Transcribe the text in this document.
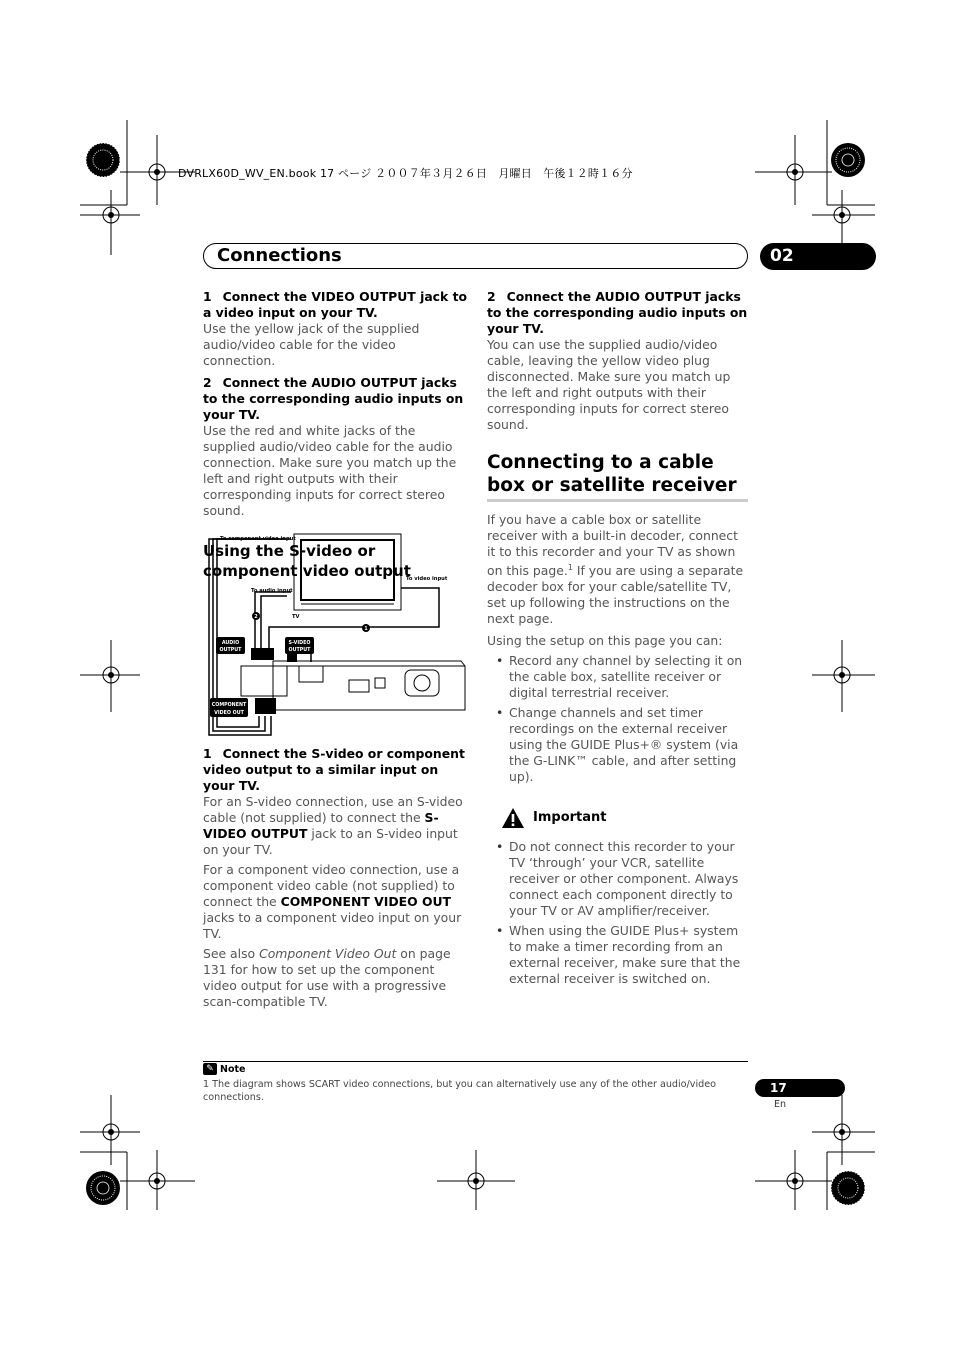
DVRLX60D_WV_EN.book 17 ページ ２００７年３月２６日　月曜日　午後１２時１６分
Connections	02

1 Connect the VIDEO OUTPUT jack to a video input on your TV.

Use the yellow jack of the supplied audio/video cable for the video connection.

2 Connect the AUDIO OUTPUT jacks to the corresponding audio inputs on your TV.

Use the red and white jacks of the supplied audio/video cable for the audio connection. Make sure you match up the left and right outputs with their corresponding inputs for correct stereo sound.

Using the S-video or component video output

To component video input
To video input
To audio input
TV
AUDIO
OUTPUT
S-VIDEO
OUTPUT
COMPONENT
VIDEO OUT
2
1

1 Connect the S-video or component video output to a similar input on your TV.

For an S-video connection, use an S-video cable (not supplied) to connect the S-VIDEO OUTPUT jack to an S-video input on your TV.

For a component video connection, use a component video cable (not supplied) to connect the COMPONENT VIDEO OUT jacks to a component video input on your TV.

See also Component Video Out on page 131 for how to set up the component video output for use with a progressive scan-compatible TV.

2 Connect the AUDIO OUTPUT jacks to the corresponding audio inputs on your TV.

You can use the supplied audio/video cable, leaving the yellow video plug disconnected. Make sure you match up the left and right outputs with their corresponding inputs for correct stereo sound.

Connecting to a cable box or satellite receiver

If you have a cable box or satellite receiver with a built-in decoder, connect it to this recorder and your TV as shown on this page.$^1$ If you are using a separate decoder box for your cable/satellite TV, set up following the instructions on the next page.

Using the setup on this page you can:

• Record any channel by selecting it on the cable box, satellite receiver or digital terrestrial receiver.
• Change channels and set timer recordings on the external receiver using the GUIDE Plus+® system (via the G-LINK™ cable, and after setting up).
Important
• Do not connect this recorder to your TV ‘through’ your VCR, satellite receiver or other component. Always connect each component directly to your TV or AV amplifier/receiver.
• When using the GUIDE Plus+ system to make a timer recording from an external receiver, make sure that the external receiver is switched on.
✎ Note
1 The diagram shows SCART video connections, but you can alternatively use any of the other audio/video connections.
17
En
